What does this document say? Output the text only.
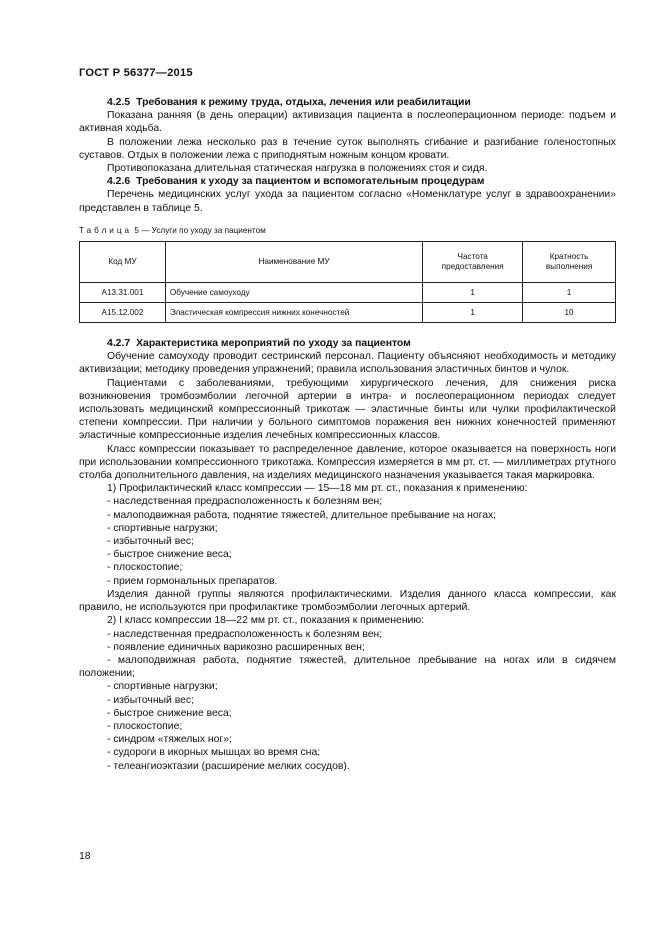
ГОСТ Р 56377—2015

4.2.5 Требования к режиму труда, отдыха, лечения или реабилитации

Показана ранняя (в день операции) активизация пациента в послеоперационном периоде: подъем и активная ходьба.

В положении лежа несколько раз в течение суток выполнять сгибание и разгибание голеностопных суставов. Отдых в положении лежа с приподнятым ножным концом кровати.

Противопоказана длительная статическая нагрузка в положениях стоя и сидя.

4.2.6 Требования к уходу за пациентом и вспомогательным процедурам

Перечень медицинских услуг ухода за пациентом согласно «Номенклатуре услуг в здравоохранении» представлен в таблице 5.

Таблица 5 — Услуги по уходу за пациентом
Код МУ	Наименование МУ	Частота предоставления	Кратность выполнения
А13.31.001	Обучение самоуходу	1	1
А15.12.002	Эластическая компрессия нижних конечностей	1	10

4.2.7 Характеристика мероприятий по уходу за пациентом

Обучение самоуходу проводит сестринский персонал. Пациенту объясняют необходимость и методику активизации; методику проведения упражнений; правила использования эластичных бинтов и чулок.

Пациентами с заболеваниями, требующими хирургического лечения, для снижения риска возникновения тромбоэмболии легочной артерии в интра- и послеоперационном периодах следует использовать медицинский компрессионный трикотаж — эластичные бинты или чулки профилактической степени компрессии. При наличии у больного симптомов поражения вен нижних конечностей применяют эластичные компрессионные изделия лечебных компрессионных классов.

Класс компрессии показывает то распределенное давление, которое оказывается на поверхность ноги при использовании компрессионного трикотажа. Компрессия измеряется в мм рт. ст. — миллиметрах ртутного столба дополнительного давления, на изделиях медицинского назначения указывается такая маркировка.

1) Профилактический класс компрессии — 15—18 мм рт. ст., показания к применению:

- наследственная предрасположенность к болезням вен;

- малоподвижная работа, поднятие тяжестей, длительное пребывание на ногах;

- спортивные нагрузки;

- избыточный вес;

- быстрое снижение веса;

- плоскостопие;

- прием гормональных препаратов.

Изделия данной группы являются профилактическими. Изделия данного класса компрессии, как правило, не используются при профилактике тромбоэмболии легочных артерий.

2) I класс компрессии 18—22 мм рт. ст., показания к применению:

- наследственная предрасположенность к болезням вен;

- появление единичных варикозно расширенных вен;

- малоподвижная работа, поднятие тяжестей, длительное пребывание на ногах или в сидячем положении;

- спортивные нагрузки;

- избыточный вес;

- быстрое снижение веса;

- плоскостопие;

- синдром «тяжелых ног»;

- судороги в икорных мышцах во время сна;

- телеангиоэктазии (расширение мелких сосудов).

18
